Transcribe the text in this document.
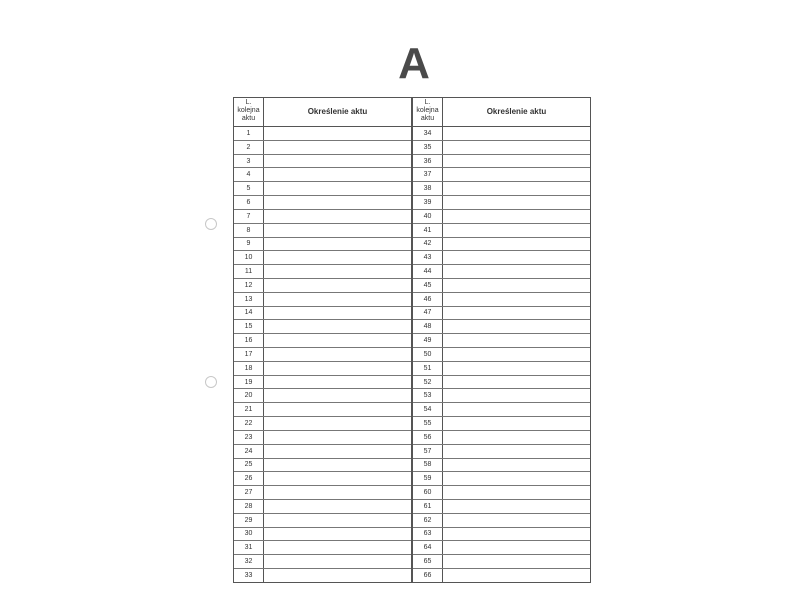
A
L.
kolejna
aktu
Określenie aktu
1
2
3
4
5
6
7
8
9
10
11
12
13
14
15
16
17
18
19
20
21
22
23
24
25
26
27
28
29
30
31
32
33
L.
kolejna
aktu
Określenie aktu
34
35
36
37
38
39
40
41
42
43
44
45
46
47
48
49
50
51
52
53
54
55
56
57
58
59
60
61
62
63
64
65
66
